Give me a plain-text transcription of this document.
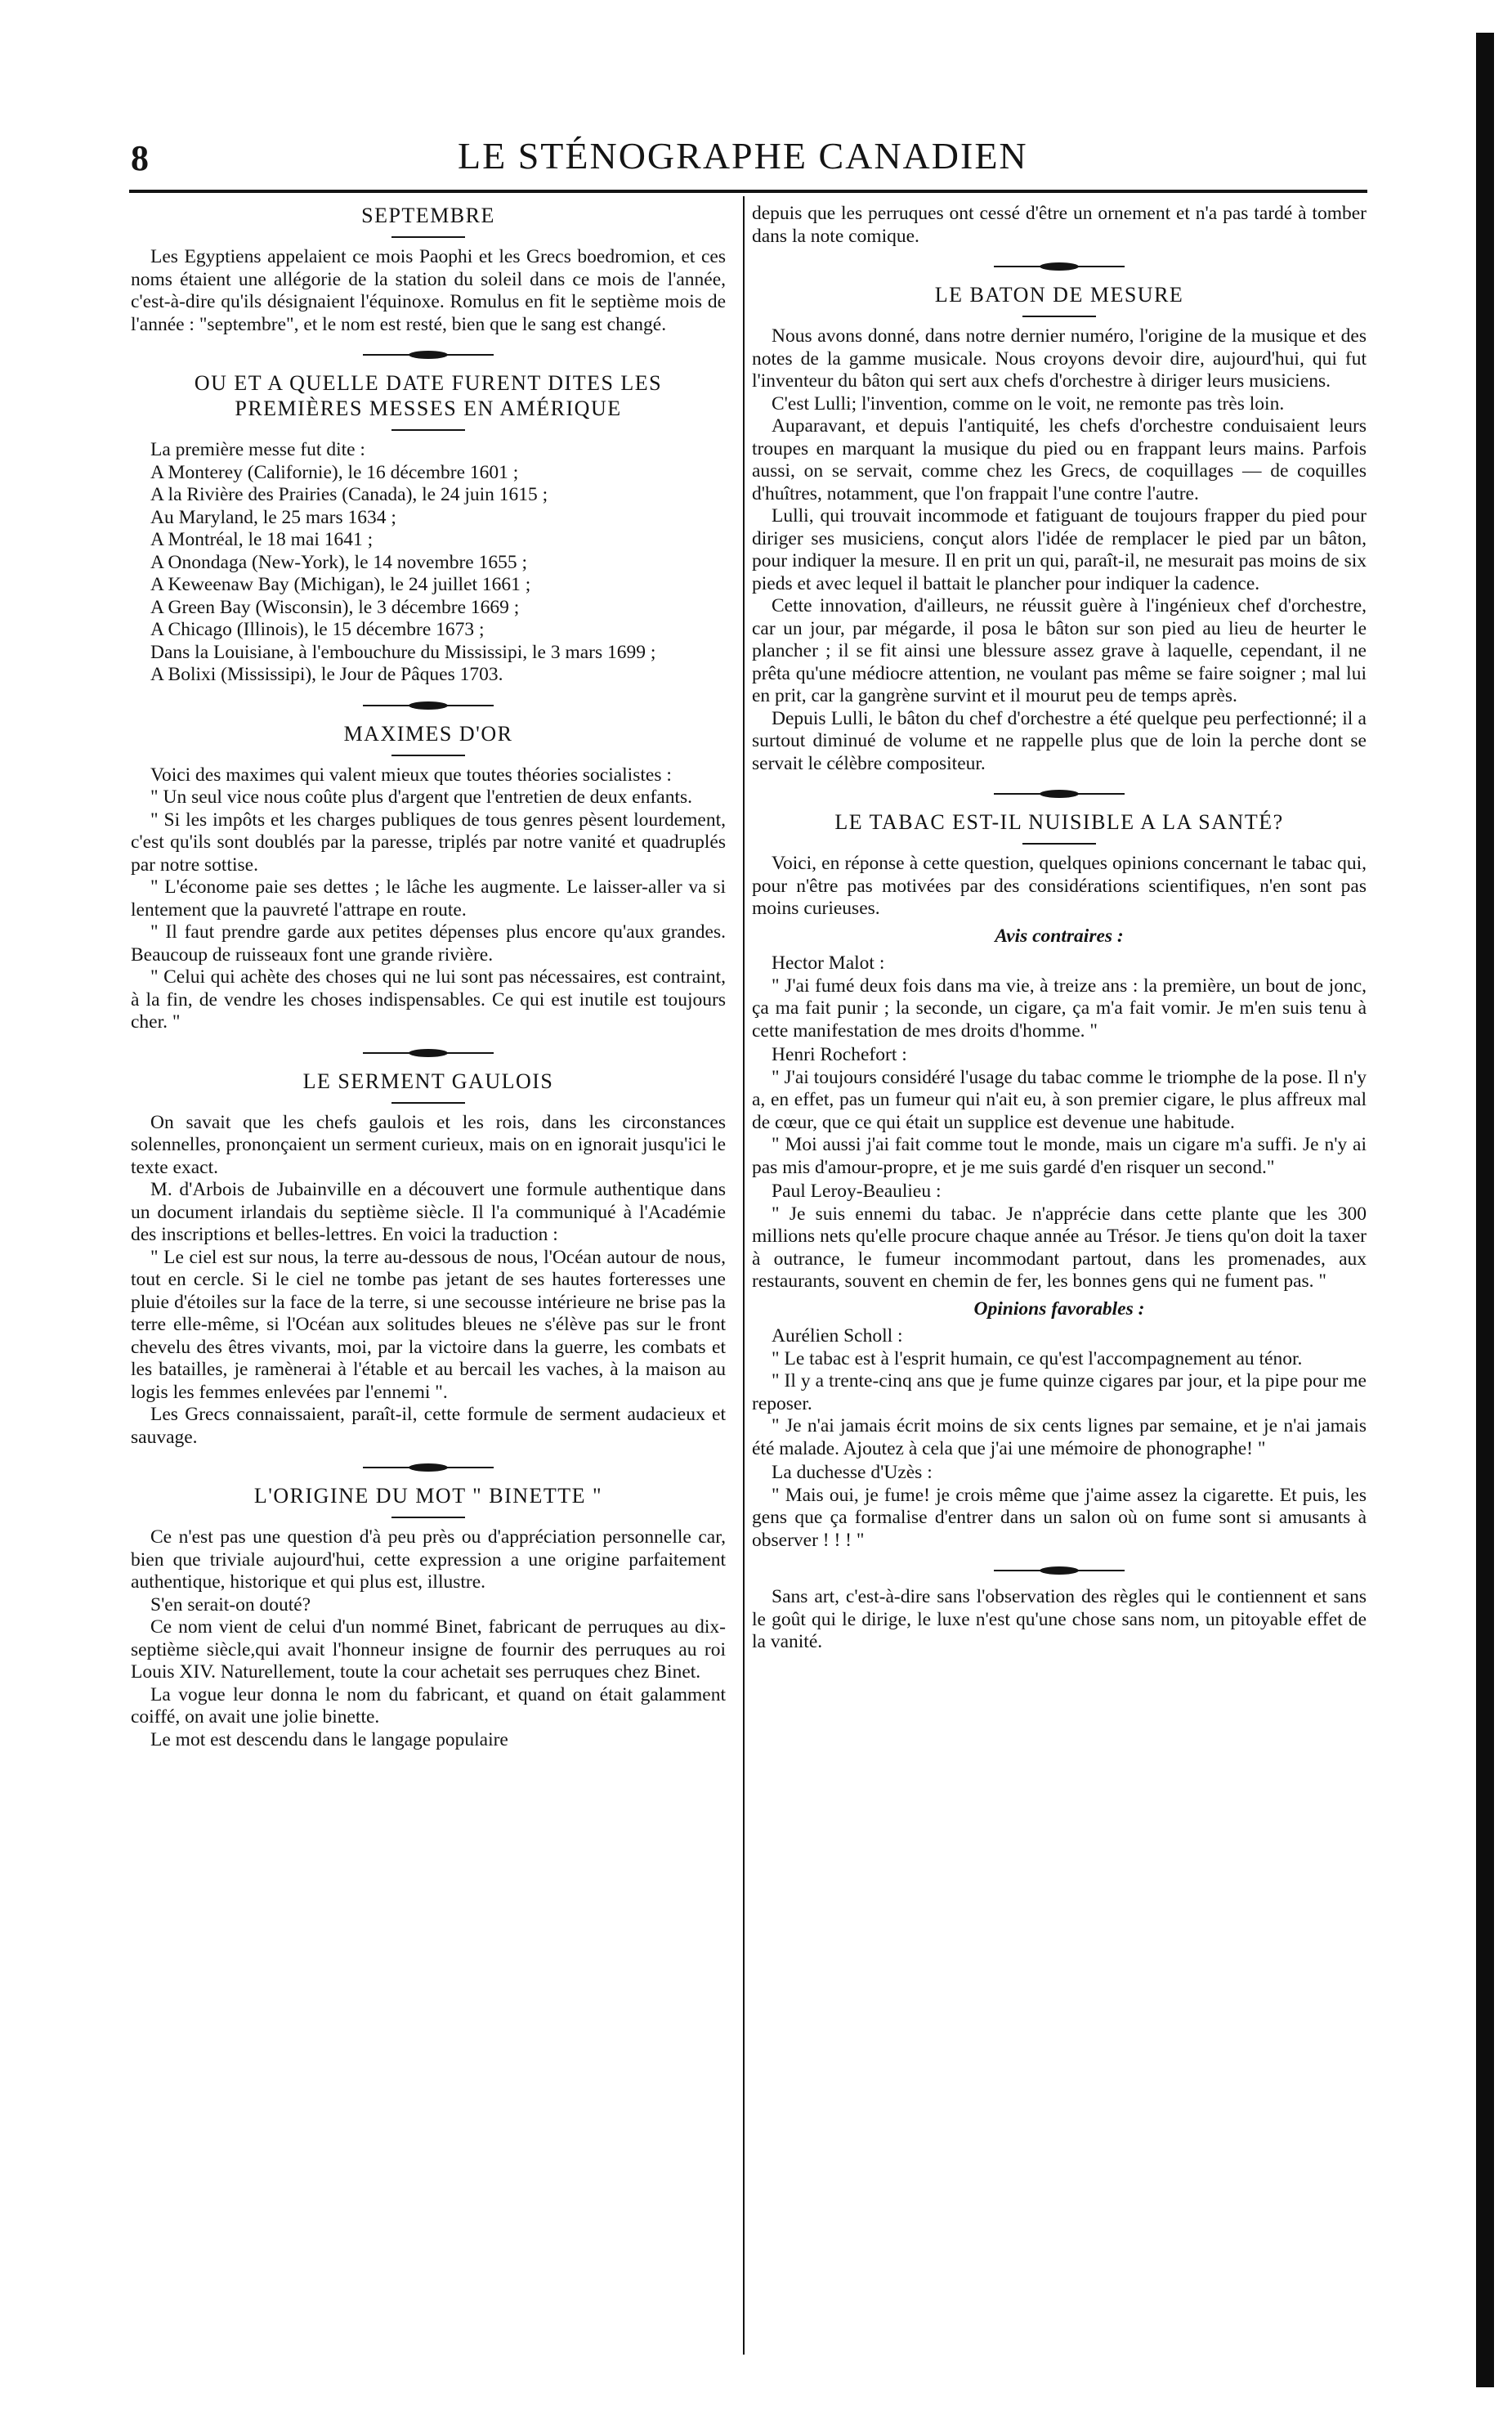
8	LE STÉNOGRAPHE CANADIEN
SEPTEMBRE

Les Egyptiens appelaient ce mois Paophi et les Grecs boedromion, et ces noms étaient une allégorie de la station du soleil dans ce mois de l'année, c'est-à-dire qu'ils désignaient l'équinoxe. Romulus en fit le septième mois de l'année : "septembre", et le nom est resté, bien que le sang est changé.

OU ET A QUELLE DATE FURENT DITES LES PREMIÈRES MESSES EN AMÉRIQUE

La première messe fut dite :

A Monterey (Californie), le 16 décembre 1601 ;

A la Rivière des Prairies (Canada), le 24 juin 1615 ;

Au Maryland, le 25 mars 1634 ;

A Montréal, le 18 mai 1641 ;

A Onondaga (New-York), le 14 novembre 1655 ;

A Keweenaw Bay (Michigan), le 24 juillet 1661 ;

A Green Bay (Wisconsin), le 3 décembre 1669 ;

A Chicago (Illinois), le 15 décembre 1673 ;

Dans la Louisiane, à l'embouchure du Mississipi, le 3 mars 1699 ;

A Bolixi (Mississipi), le Jour de Pâques 1703.

MAXIMES D'OR

Voici des maximes qui valent mieux que toutes théories socialistes :

" Un seul vice nous coûte plus d'argent que l'entretien de deux enfants.

" Si les impôts et les charges publiques de tous genres pèsent lourdement, c'est qu'ils sont doublés par la paresse, triplés par notre vanité et quadruplés par notre sottise.

" L'économe paie ses dettes ; le lâche les augmente. Le laisser-aller va si lentement que la pauvreté l'attrape en route.

" Il faut prendre garde aux petites dépenses plus encore qu'aux grandes. Beaucoup de ruisseaux font une grande rivière.

" Celui qui achète des choses qui ne lui sont pas nécessaires, est contraint, à la fin, de vendre les choses indispensables. Ce qui est inutile est toujours cher. "

LE SERMENT GAULOIS

On savait que les chefs gaulois et les rois, dans les circonstances solennelles, prononçaient un serment curieux, mais on en ignorait jusqu'ici le texte exact.

M. d'Arbois de Jubainville en a découvert une formule authentique dans un document irlandais du septième siècle. Il l'a communiqué à l'Académie des inscriptions et belles-lettres. En voici la traduction :

" Le ciel est sur nous, la terre au-dessous de nous, l'Océan autour de nous, tout en cercle. Si le ciel ne tombe pas jetant de ses hautes forteresses une pluie d'étoiles sur la face de la terre, si une secousse intérieure ne brise pas la terre elle-même, si l'Océan aux solitudes bleues ne s'élève pas sur le front chevelu des êtres vivants, moi, par la victoire dans la guerre, les combats et les batailles, je ramènerai à l'étable et au bercail les vaches, à la maison au logis les femmes enlevées par l'ennemi ".

Les Grecs connaissaient, paraît-il, cette formule de serment audacieux et sauvage.

L'ORIGINE DU MOT " BINETTE "

Ce n'est pas une question d'à peu près ou d'appréciation personnelle car, bien que triviale aujourd'hui, cette expression a une origine parfaitement authentique, historique et qui plus est, illustre.

S'en serait-on douté?

Ce nom vient de celui d'un nommé Binet, fabricant de perruques au dix-septième siècle,qui avait l'honneur insigne de fournir des perruques au roi Louis XIV. Naturellement, toute la cour achetait ses perruques chez Binet.

La vogue leur donna le nom du fabricant, et quand on était galamment coiffé, on avait une jolie binette.

Le mot est descendu dans le langage populaire

depuis que les perruques ont cessé d'être un ornement et n'a pas tardé à tomber dans la note comique.

LE BATON DE MESURE

Nous avons donné, dans notre dernier numéro, l'origine de la musique et des notes de la gamme musicale. Nous croyons devoir dire, aujourd'hui, qui fut l'inventeur du bâton qui sert aux chefs d'orchestre à diriger leurs musiciens.

C'est Lulli; l'invention, comme on le voit, ne remonte pas très loin.

Auparavant, et depuis l'antiquité, les chefs d'orchestre conduisaient leurs troupes en marquant la musique du pied ou en frappant leurs mains. Parfois aussi, on se servait, comme chez les Grecs, de coquillages — de coquilles d'huîtres, notamment, que l'on frappait l'une contre l'autre.

Lulli, qui trouvait incommode et fatiguant de toujours frapper du pied pour diriger ses musiciens, conçut alors l'idée de remplacer le pied par un bâton, pour indiquer la mesure. Il en prit un qui, paraît-il, ne mesurait pas moins de six pieds et avec lequel il battait le plancher pour indiquer la cadence.

Cette innovation, d'ailleurs, ne réussit guère à l'ingénieux chef d'orchestre, car un jour, par mégarde, il posa le bâton sur son pied au lieu de heurter le plancher ; il se fit ainsi une blessure assez grave à laquelle, cependant, il ne prêta qu'une médiocre attention, ne voulant pas même se faire soigner ; mal lui en prit, car la gangrène survint et il mourut peu de temps après.

Depuis Lulli, le bâton du chef d'orchestre a été quelque peu perfectionné; il a surtout diminué de volume et ne rappelle plus que de loin la perche dont se servait le célèbre compositeur.

LE TABAC EST-IL NUISIBLE A LA SANTÉ?

Voici, en réponse à cette question, quelques opinions concernant le tabac qui, pour n'être pas motivées par des considérations scientifiques, n'en sont pas moins curieuses.

Avis contraires :

Hector Malot :

" J'ai fumé deux fois dans ma vie, à treize ans : la première, un bout de jonc, ça ma fait punir ; la seconde, un cigare, ça m'a fait vomir. Je m'en suis tenu à cette manifestation de mes droits d'homme. "

Henri Rochefort :

" J'ai toujours considéré l'usage du tabac comme le triomphe de la pose. Il n'y a, en effet, pas un fumeur qui n'ait eu, à son premier cigare, le plus affreux mal de cœur, que ce qui était un supplice est devenue une habitude.

" Moi aussi j'ai fait comme tout le monde, mais un cigare m'a suffi. Je n'y ai pas mis d'amour-propre, et je me suis gardé d'en risquer un second."

Paul Leroy-Beaulieu :

" Je suis ennemi du tabac. Je n'apprécie dans cette plante que les 300 millions nets qu'elle procure chaque année au Trésor. Je tiens qu'on doit la taxer à outrance, le fumeur incommodant partout, dans les promenades, aux restaurants, souvent en chemin de fer, les bonnes gens qui ne fument pas. "

Opinions favorables :

Aurélien Scholl :

" Le tabac est à l'esprit humain, ce qu'est l'accompagnement au ténor.

" Il y a trente-cinq ans que je fume quinze cigares par jour, et la pipe pour me reposer.

" Je n'ai jamais écrit moins de six cents lignes par semaine, et je n'ai jamais été malade. Ajoutez à cela que j'ai une mémoire de phonographe! "

La duchesse d'Uzès :

" Mais oui, je fume! je crois même que j'aime assez la cigarette. Et puis, les gens que ça formalise d'entrer dans un salon où on fume sont si amusants à observer ! ! ! "

Sans art, c'est-à-dire sans l'observation des règles qui le contiennent et sans le goût qui le dirige, le luxe n'est qu'une chose sans nom, un pitoyable effet de la vanité.
